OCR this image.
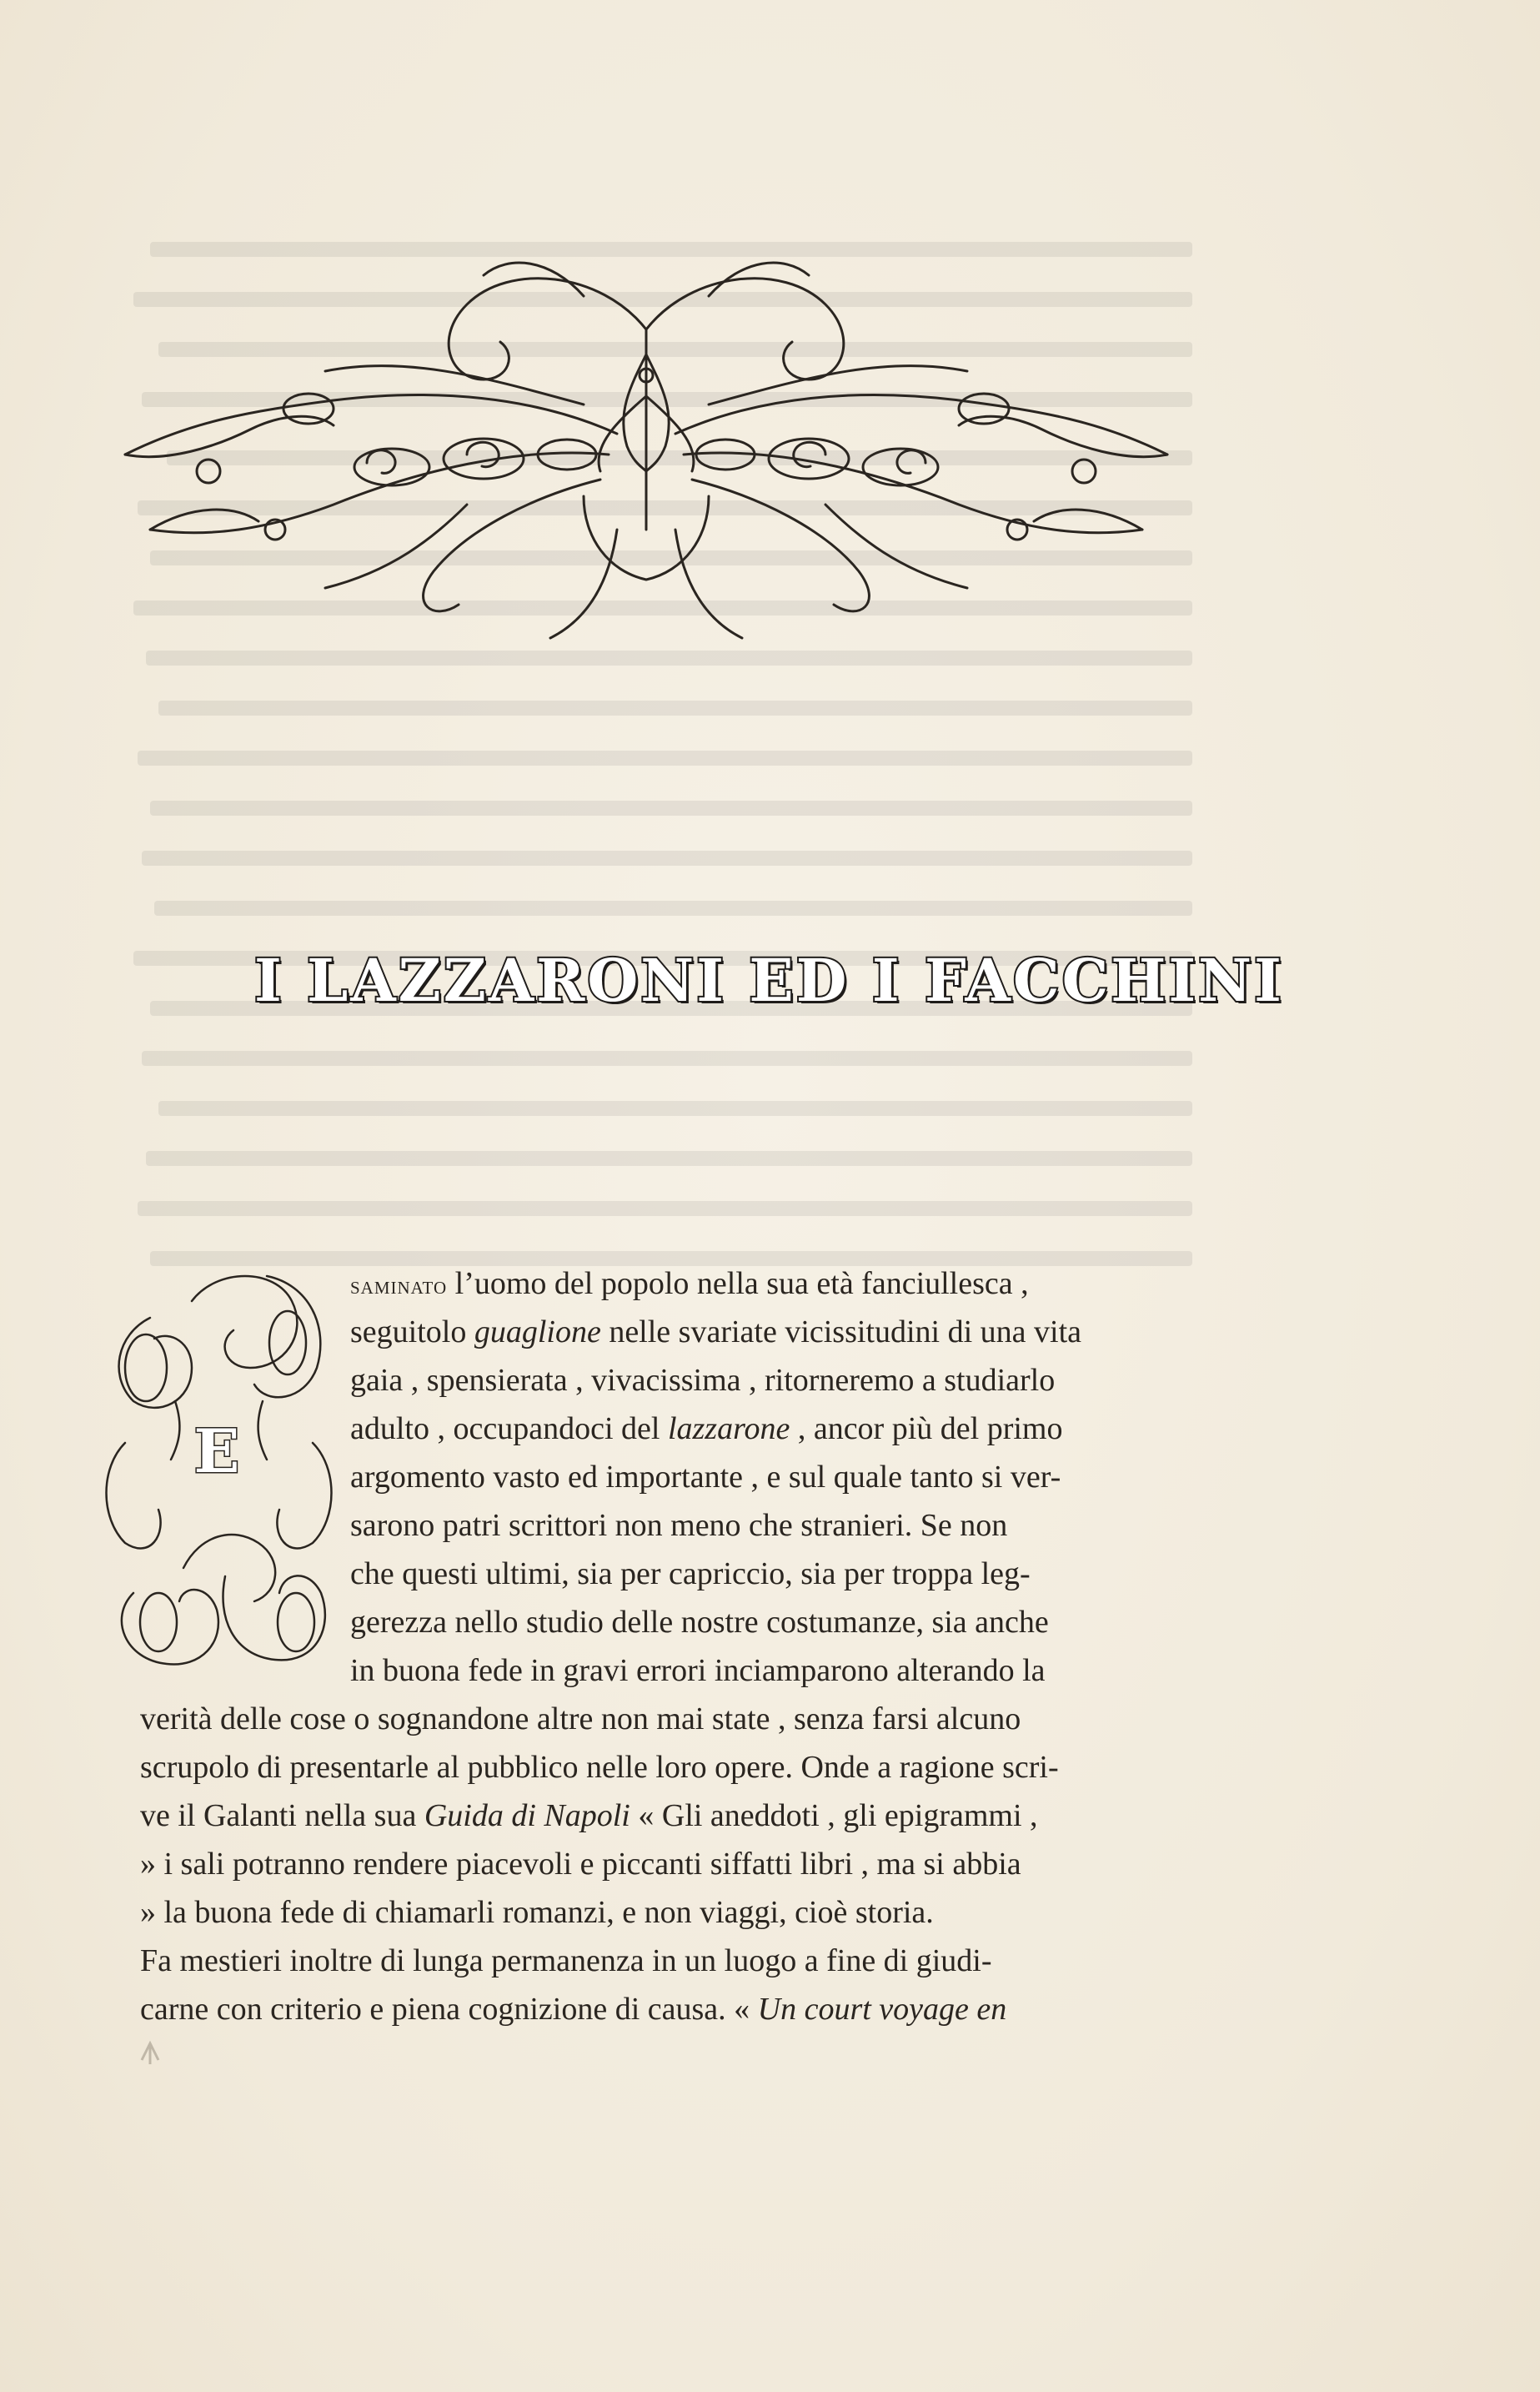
I LAZZARONI ED I FACCHINI
E

saminato l’uomo del popolo nella sua età fanciullesca ,

seguitolo guaglione nelle svariate vicissitudini di una vita

gaia , spensierata , vivacissima , ritorneremo a studiarlo

adulto , occupandoci del lazzarone , ancor più del primo

argomento vasto ed importante , e sul quale tanto si ver-

sarono patri scrittori non meno che stranieri. Se non

che questi ultimi, sia per capriccio, sia per troppa leg-

gerezza nello studio delle nostre costumanze, sia anche

in buona fede in gravi errori inciamparono alterando la

verità delle cose o sognandone altre non mai state , senza farsi alcuno

scrupolo di presentarle al pubblico nelle loro opere. Onde a ragione scri-

ve il Galanti nella sua Guida di Napoli « Gli aneddoti , gli epigrammi ,

» i sali potranno rendere piacevoli e piccanti siffatti libri , ma si abbia

» la buona fede di chiamarli romanzi, e non viaggi, cioè storia.

Fa mestieri inoltre di lunga permanenza in un luogo a fine di giudi-

carne con criterio e piena cognizione di causa. « Un court voyage en
